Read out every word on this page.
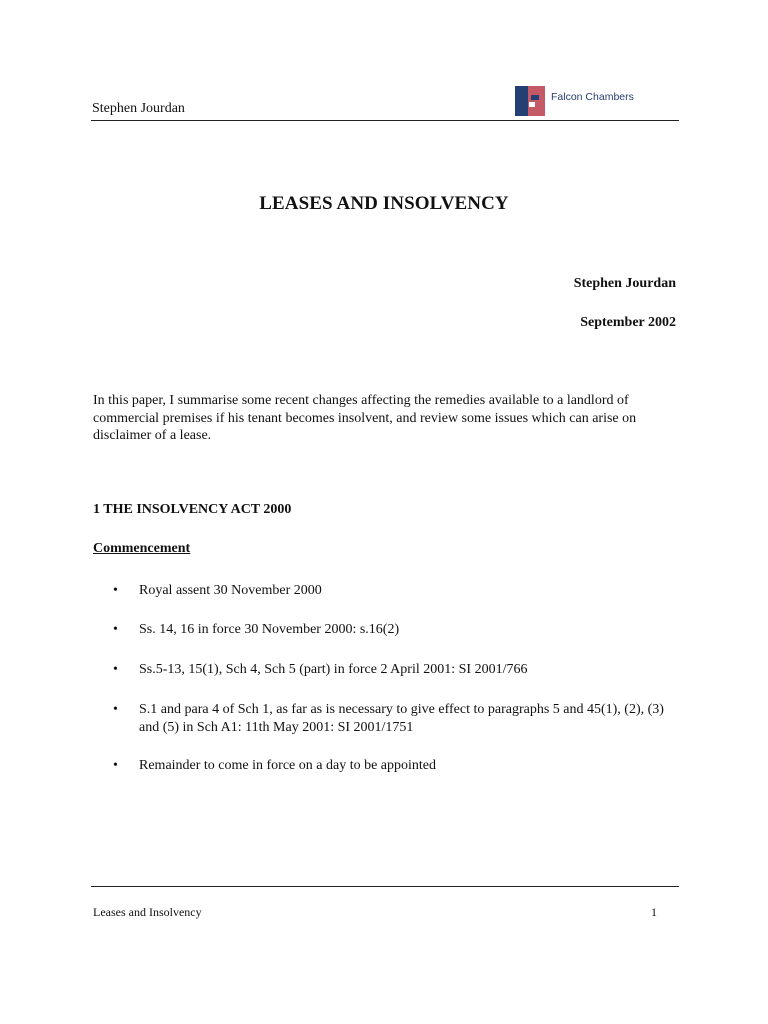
Stephen Jourdan
Falcon Chambers
LEASES AND INSOLVENCY
Stephen Jourdan
September 2002

In this paper, I summarise some recent changes affecting the remedies available to a landlord of commercial premises if his tenant becomes insolvent, and review some issues which can arise on disclaimer of a lease.

1 THE INSOLVENCY ACT 2000
Commencement
•	Royal assent 30 November 2000
•	Ss. 14, 16 in force 30 November 2000: s.16(2)
•	Ss.5-13, 15(1), Sch 4, Sch 5 (part) in force 2 April 2001: SI 2001/766
•	S.1 and para 4 of Sch 1, as far as is necessary to give effect to paragraphs 5 and 45(1), (2), (3) and (5) in Sch A1: 11th May 2001: SI 2001/1751
•	Remainder to come in force on a day to be appointed
Leases and Insolvency	1
